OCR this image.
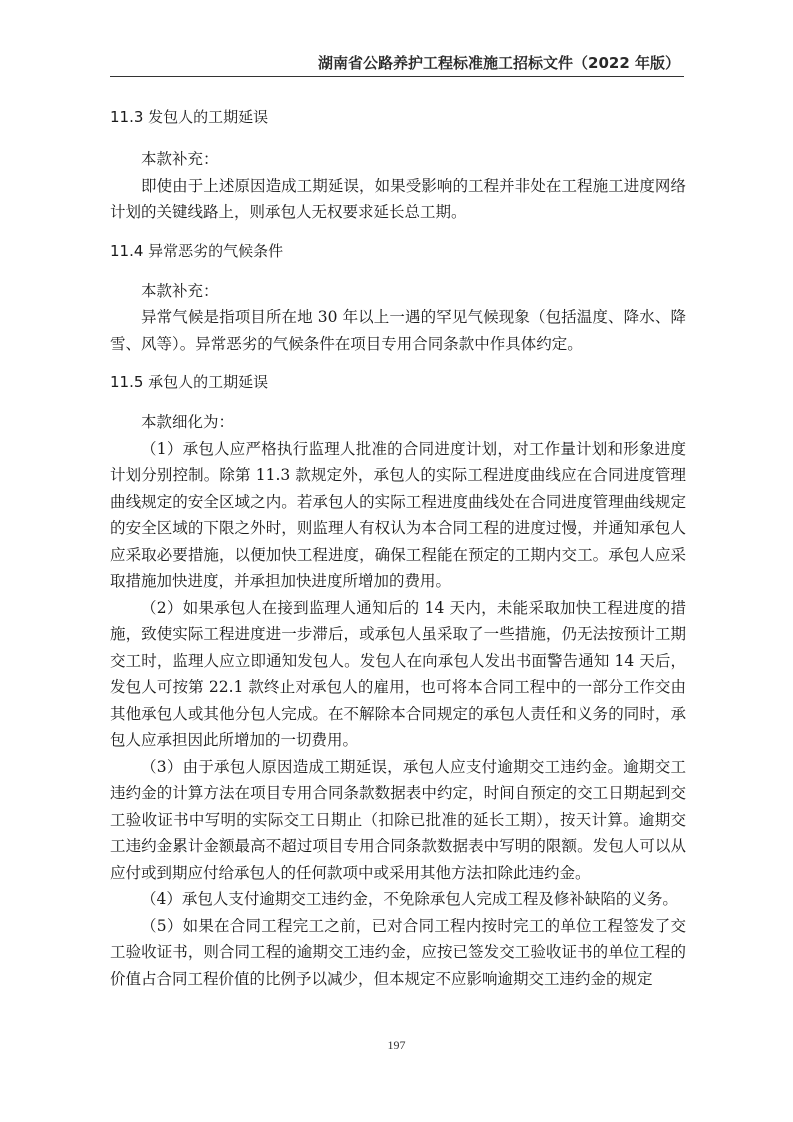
湖南省公路养护工程标准施工招标文件（2022 年版）
11.3 发包人的工期延误

本款补充：

即使由于上述原因造成工期延误，如果受影响的工程并非处在工程施工进度网络计划的关键线路上，则承包人无权要求延长总工期。

11.4 异常恶劣的气候条件

本款补充：

异常气候是指项目所在地 30 年以上一遇的罕见气候现象（包括温度、降水、降雪、风等）。异常恶劣的气候条件在项目专用合同条款中作具体约定。

11.5 承包人的工期延误

本款细化为：

（1）承包人应严格执行监理人批准的合同进度计划，对工作量计划和形象进度计划分别控制。除第 11.3 款规定外，承包人的实际工程进度曲线应在合同进度管理曲线规定的安全区域之内。若承包人的实际工程进度曲线处在合同进度管理曲线规定的安全区域的下限之外时，则监理人有权认为本合同工程的进度过慢，并通知承包人应采取必要措施，以便加快工程进度，确保工程能在预定的工期内交工。承包人应采取措施加快进度，并承担加快进度所增加的费用。

（2）如果承包人在接到监理人通知后的 14 天内，未能采取加快工程进度的措施，致使实际工程进度进一步滞后，或承包人虽采取了一些措施，仍无法按预计工期交工时，监理人应立即通知发包人。发包人在向承包人发出书面警告通知 14 天后，发包人可按第 22.1 款终止对承包人的雇用，也可将本合同工程中的一部分工作交由其他承包人或其他分包人完成。在不解除本合同规定的承包人责任和义务的同时，承包人应承担因此所增加的一切费用。

（3）由于承包人原因造成工期延误，承包人应支付逾期交工违约金。逾期交工违约金的计算方法在项目专用合同条款数据表中约定，时间自预定的交工日期起到交工验收证书中写明的实际交工日期止（扣除已批准的延长工期），按天计算。逾期交工违约金累计金额最高不超过项目专用合同条款数据表中写明的限额。发包人可以从应付或到期应付给承包人的任何款项中或采用其他方法扣除此违约金。

（4）承包人支付逾期交工违约金，不免除承包人完成工程及修补缺陷的义务。

（5）如果在合同工程完工之前，已对合同工程内按时完工的单位工程签发了交工验收证书，则合同工程的逾期交工违约金，应按已签发交工验收证书的单位工程的价值占合同工程价值的比例予以减少，但本规定不应影响逾期交工违约金的规定

197
